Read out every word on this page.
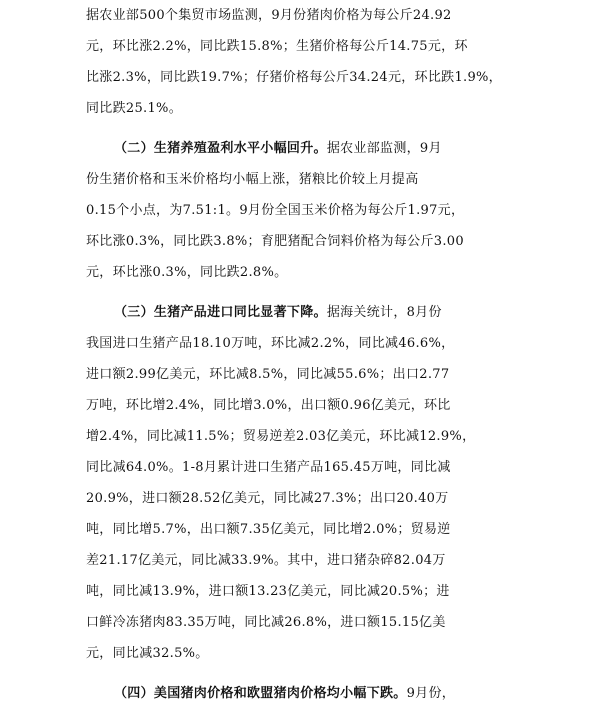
据农业部500个集贸市场监测，9月份猪肉价格为每公斤24.92
元，环比涨2.2%，同比跌15.8%；生猪价格每公斤14.75元，环
比涨2.3%，同比跌19.7%；仔猪价格每公斤34.24元，环比跌1.9%，
同比跌25.1%。
（二）生猪养殖盈利水平小幅回升。据农业部监测，9月
份生猪价格和玉米价格均小幅上涨，猪粮比价较上月提高
0.15个小点，为7.51:1。9月份全国玉米价格为每公斤1.97元，
环比涨0.3%，同比跌3.8%；育肥猪配合饲料价格为每公斤3.00
元，环比涨0.3%，同比跌2.8%。
（三）生猪产品进口同比显著下降。据海关统计，8月份
我国进口生猪产品18.10万吨，环比减2.2%，同比减46.6%，
进口额2.99亿美元，环比减8.5%，同比减55.6%；出口2.77
万吨，环比增2.4%，同比增3.0%，出口额0.96亿美元，环比
增2.4%，同比减11.5%；贸易逆差2.03亿美元，环比减12.9%，
同比减64.0%。1-8月累计进口生猪产品165.45万吨，同比减
20.9%，进口额28.52亿美元，同比减27.3%；出口20.40万
吨，同比增5.7%，出口额7.35亿美元，同比增2.0%；贸易逆
差21.17亿美元，同比减33.9%。其中，进口猪杂碎82.04万
吨，同比减13.9%，进口额13.23亿美元，同比减20.5%；进
口鲜冷冻猪肉83.35万吨，同比减26.8%，进口额15.15亿美
元，同比减32.5%。
（四）美国猪肉价格和欧盟猪肉价格均小幅下跌。9月份，
